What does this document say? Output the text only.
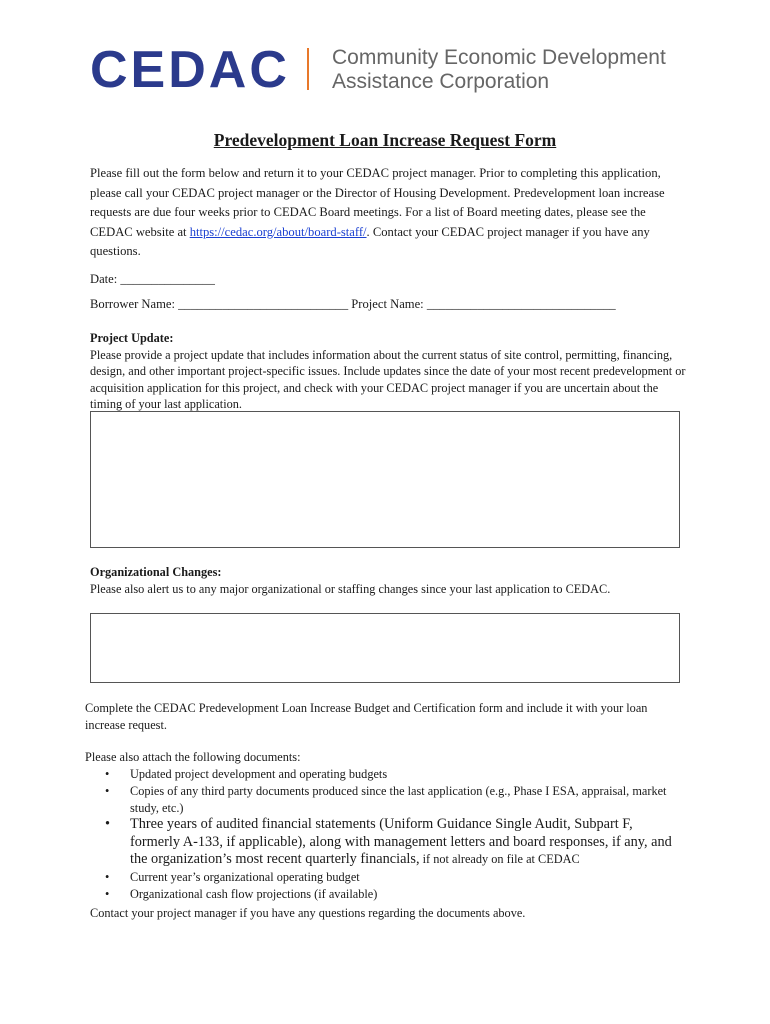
CEDAC Community Economic Development
Assistance Corporation
Predevelopment Loan Increase Request Form
Please fill out the form below and return it to your CEDAC project manager. Prior to completing this application, please call your CEDAC project manager or the Director of Housing Development. Predevelopment loan increase requests are due four weeks prior to CEDAC Board meetings. For a list of Board meeting dates, please see the CEDAC website at https://cedac.org/about/board-staff/. Contact your CEDAC project manager if you have any questions.
Date: _______________
Borrower Name: ___________________________ Project Name: ______________________________
Project Update:
Please provide a project update that includes information about the current status of site control, permitting, financing, design, and other important project-specific issues. Include updates since the date of your most recent predevelopment or acquisition application for this project, and check with your CEDAC project manager if you are uncertain about the timing of your last application.
Organizational Changes:
Please also alert us to any major organizational or staffing changes since your last application to CEDAC.
Complete the CEDAC Predevelopment Loan Increase Budget and Certification form and include it with your loan increase request.
Please also attach the following documents:
• Updated project development and operating budgets
• Copies of any third party documents produced since the last application (e.g., Phase I ESA, appraisal, market study, etc.)
• Three years of audited financial statements (Uniform Guidance Single Audit, Subpart F, formerly A-133, if applicable), along with management letters and board responses, if any, and the organization’s most recent quarterly financials, if not already on file at CEDAC
• Current year’s organizational operating budget
• Organizational cash flow projections (if available)
Contact your project manager if you have any questions regarding the documents above.
